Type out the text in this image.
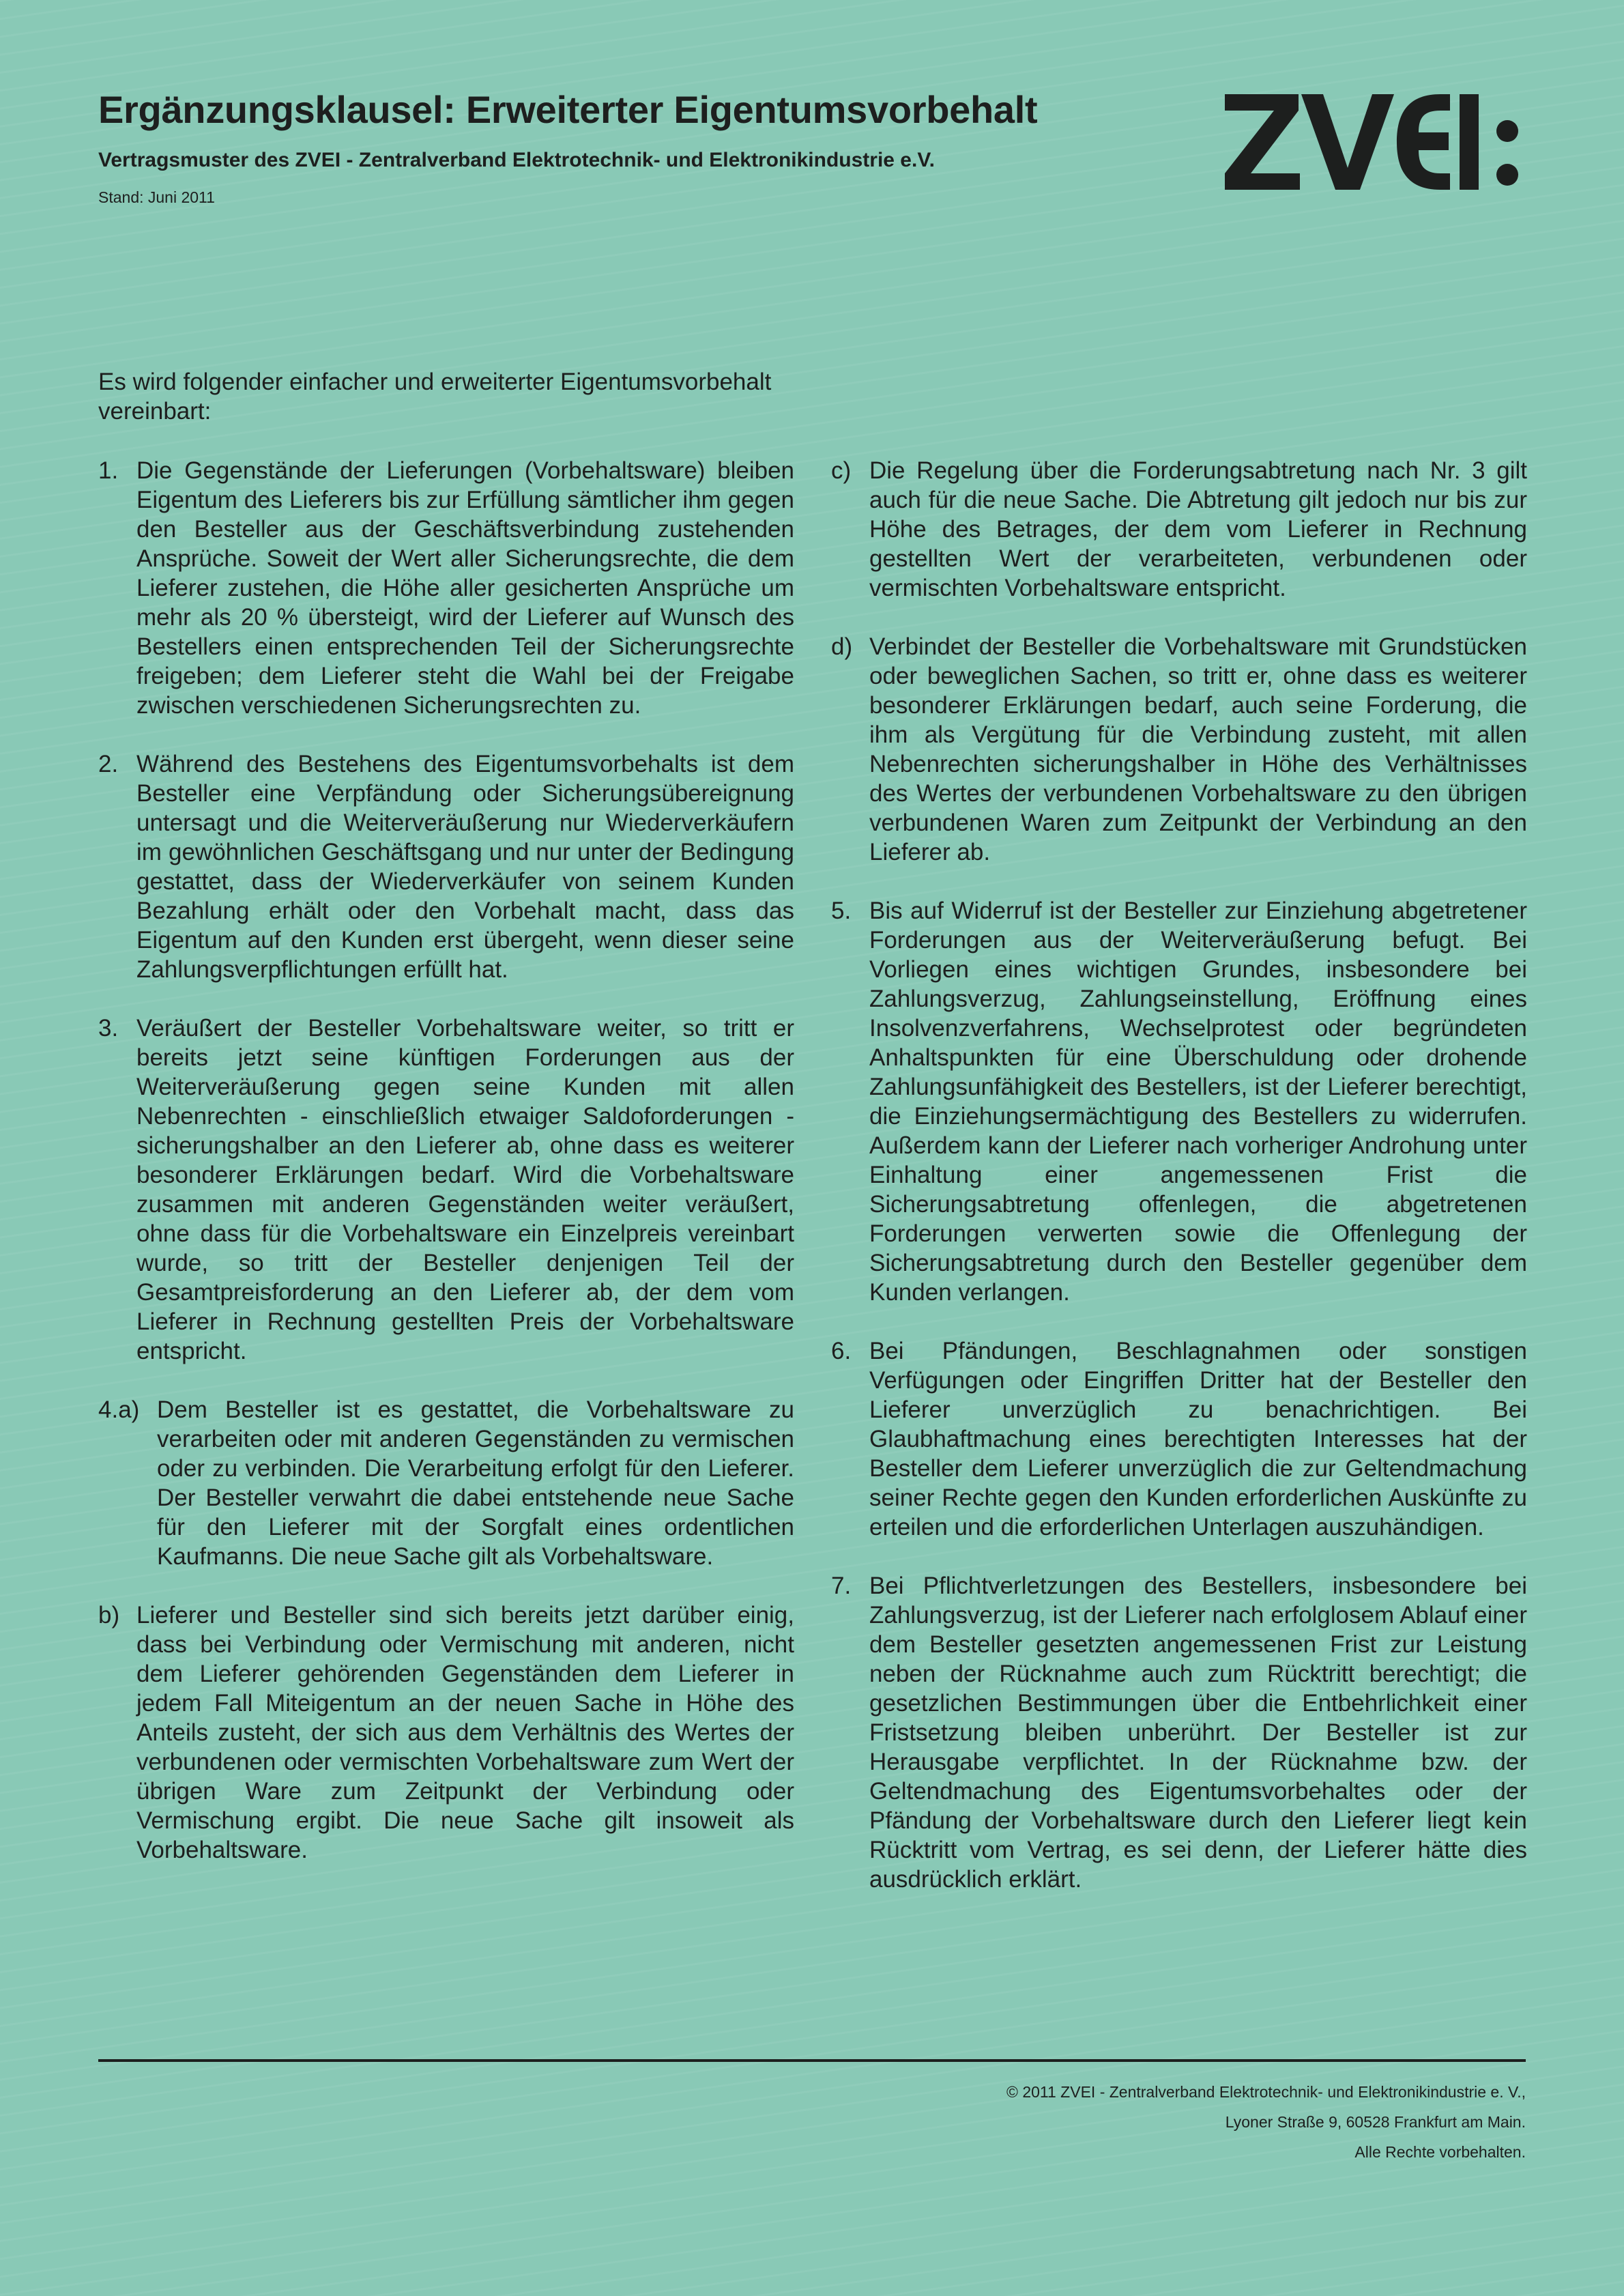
Ergänzungsklausel: Erweiterter Eigentumsvorbehalt

Vertragsmuster des ZVEI - Zentralverband Elektrotechnik- und Elektronikindustrie e.V.

Stand: Juni 2011

Es wird folgender einfacher und erweiterter Eigentumsvorbehalt vereinbart:

1. Die Gegenstände der Lieferungen (Vorbehaltsware) bleiben Eigentum des Lieferers bis zur Erfüllung sämtlicher ihm gegen den Besteller aus der Geschäftsverbindung zustehenden Ansprüche. Soweit der Wert aller Sicherungsrechte, die dem Lieferer zustehen, die Höhe aller gesicherten Ansprüche um mehr als 20 % übersteigt, wird der Lieferer auf Wunsch des Bestellers einen entsprechenden Teil der Sicherungsrechte freigeben; dem Lieferer steht die Wahl bei der Freigabe zwischen verschiedenen Sicherungsrechten zu.
2. Während des Bestehens des Eigentumsvorbehalts ist dem Besteller eine Verpfändung oder Sicherungsübereignung untersagt und die Weiterveräußerung nur Wiederverkäufern im gewöhnlichen Geschäftsgang und nur unter der Bedingung gestattet, dass der Wiederverkäufer von seinem Kunden Bezahlung erhält oder den Vorbehalt macht, dass das Eigentum auf den Kunden erst übergeht, wenn dieser seine Zahlungsverpflichtungen erfüllt hat.
3. Veräußert der Besteller Vorbehaltsware weiter, so tritt er bereits jetzt seine künftigen Forderungen aus der Weiterveräußerung gegen seine Kunden mit allen Nebenrechten - einschließlich etwaiger Saldoforderungen - sicherungshalber an den Lieferer ab, ohne dass es weiterer besonderer Erklärungen bedarf. Wird die Vorbehaltsware zusammen mit anderen Gegenständen weiter veräußert, ohne dass für die Vorbehaltsware ein Einzelpreis vereinbart wurde, so tritt der Besteller denjenigen Teil der Gesamtpreisforderung an den Lieferer ab, der dem vom Lieferer in Rechnung gestellten Preis der Vorbehaltsware entspricht.
4.a) Dem Besteller ist es gestattet, die Vorbehaltsware zu verarbeiten oder mit anderen Gegenständen zu vermischen oder zu verbinden. Die Verarbeitung erfolgt für den Lieferer. Der Besteller verwahrt die dabei entstehende neue Sache für den Lieferer mit der Sorgfalt eines ordentlichen Kaufmanns. Die neue Sache gilt als Vorbehaltsware.
b) Lieferer und Besteller sind sich bereits jetzt darüber einig, dass bei Verbindung oder Vermischung mit anderen, nicht dem Lieferer gehörenden Gegenständen dem Lieferer in jedem Fall Miteigentum an der neuen Sache in Höhe des Anteils zusteht, der sich aus dem Verhältnis des Wertes der verbundenen oder vermischten Vorbehaltsware zum Wert der übrigen Ware zum Zeitpunkt der Verbindung oder Vermischung ergibt. Die neue Sache gilt insoweit als Vorbehaltsware.
c) Die Regelung über die Forderungsabtretung nach Nr. 3 gilt auch für die neue Sache. Die Abtretung gilt jedoch nur bis zur Höhe des Betrages, der dem vom Lieferer in Rechnung gestellten Wert der verarbeiteten, verbundenen oder vermischten Vorbehaltsware entspricht.
d) Verbindet der Besteller die Vorbehaltsware mit Grundstücken oder beweglichen Sachen, so tritt er, ohne dass es weiterer besonderer Erklärungen bedarf, auch seine Forderung, die ihm als Vergütung für die Verbindung zusteht, mit allen Nebenrechten sicherungshalber in Höhe des Verhältnisses des Wertes der verbundenen Vorbehaltsware zu den übrigen verbundenen Waren zum Zeitpunkt der Verbindung an den Lieferer ab.
5. Bis auf Widerruf ist der Besteller zur Einziehung abgetretener Forderungen aus der Weiterveräußerung befugt. Bei Vorliegen eines wichtigen Grundes, insbesondere bei Zahlungsverzug, Zahlungseinstellung, Eröffnung eines Insolvenzverfahrens, Wechselprotest oder begründeten Anhaltspunkten für eine Überschuldung oder drohende Zahlungsunfähigkeit des Bestellers, ist der Lieferer berechtigt, die Einziehungsermächtigung des Bestellers zu widerrufen. Außerdem kann der Lieferer nach vorheriger Androhung unter Einhaltung einer angemessenen Frist die Sicherungsabtretung offenlegen, die abgetretenen Forderungen verwerten sowie die Offenlegung der Sicherungsabtretung durch den Besteller gegenüber dem Kunden verlangen.
6. Bei Pfändungen, Beschlagnahmen oder sonstigen Verfügungen oder Eingriffen Dritter hat der Besteller den Lieferer unverzüglich zu benachrichtigen. Bei Glaubhaftmachung eines berechtigten Interesses hat der Besteller dem Lieferer unverzüglich die zur Geltendmachung seiner Rechte gegen den Kunden erforderlichen Auskünfte zu erteilen und die erforderlichen Unterlagen auszuhändigen.
7. Bei Pflichtverletzungen des Bestellers, insbesondere bei Zahlungsverzug, ist der Lieferer nach erfolglosem Ablauf einer dem Besteller gesetzten angemessenen Frist zur Leistung neben der Rücknahme auch zum Rücktritt berechtigt; die gesetzlichen Bestimmungen über die Entbehrlichkeit einer Fristsetzung bleiben unberührt. Der Besteller ist zur Herausgabe verpflichtet. In der Rücknahme bzw. der Geltendmachung des Eigentumsvorbehaltes oder der Pfändung der Vorbehaltsware durch den Lieferer liegt kein Rücktritt vom Vertrag, es sei denn, der Lieferer hätte dies ausdrücklich erklärt.
© 2011 ZVEI - Zentralverband Elektrotechnik- und Elektronikindustrie e. V.,
Lyoner Straße 9, 60528 Frankfurt am Main.
Alle Rechte vorbehalten.
